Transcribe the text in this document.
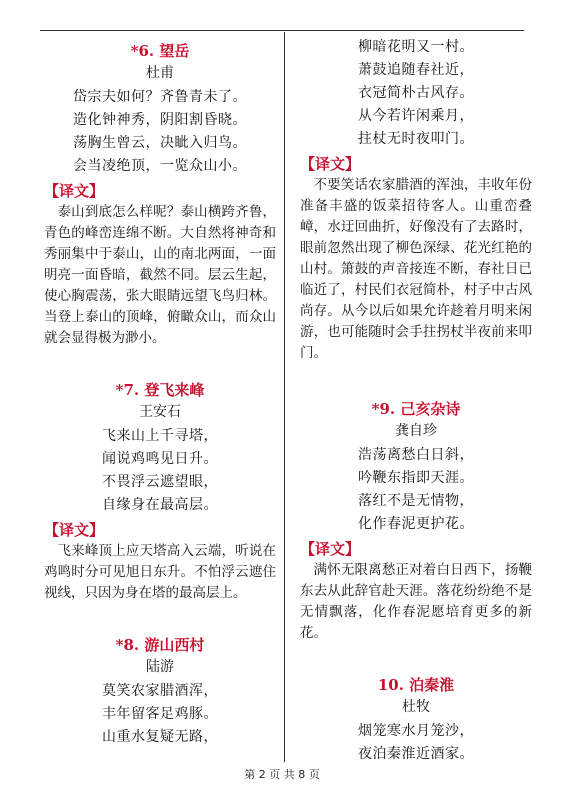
*6. 望岳

杜甫

岱宗夫如何？齐鲁青未了。

造化钟神秀，阴阳割昏晓。

荡胸生曾云，决眦入归鸟。

会当凌绝顶，一览众山小。

【译文】

泰山到底怎么样呢？泰山横跨齐鲁，青色的峰峦连绵不断。大自然将神奇和秀丽集中于泰山，山的南北两面，一面明亮一面昏暗，截然不同。层云生起，使心胸震荡，张大眼睛远望飞鸟归林。当登上泰山的顶峰，俯瞰众山，而众山就会显得极为渺小。

*7. 登飞来峰

王安石

飞来山上千寻塔，

闻说鸡鸣见日升。

不畏浮云遮望眼，

自缘身在最高层。

【译文】

飞来峰顶上应天塔高入云端，听说在鸡鸣时分可见旭日东升。不怕浮云遮住视线，只因为身在塔的最高层上。

*8. 游山西村

陆游

莫笑农家腊酒浑，

丰年留客足鸡豚。

山重水复疑无路，

柳暗花明又一村。

萧鼓追随春社近，

衣冠简朴古风存。

从今若许闲乘月，

拄杖无时夜叩门。

【译文】

不要笑话农家腊酒的浑浊，丰收年份准备丰盛的饭菜招待客人。山重峦叠嶂，水迂回曲折，好像没有了去路时，眼前忽然出现了柳色深绿、花光红艳的山村。箫鼓的声音接连不断，春社日已临近了，村民们衣冠简朴，村子中古风尚存。从今以后如果允许趁着月明来闲游，也可能随时会手拄拐杖半夜前来叩门。

*9. 己亥杂诗

龚自珍

浩荡离愁白日斜，

吟鞭东指即天涯。

落红不是无情物，

化作春泥更护花。

【译文】

满怀无限离愁正对着白日西下，扬鞭东去从此辞官赴天涯。落花纷纷绝不是无情飘落，化作春泥愿培育更多的新花。

10. 泊秦淮

杜牧

烟笼寒水月笼沙，

夜泊秦淮近酒家。

第 2 页 共 8 页
